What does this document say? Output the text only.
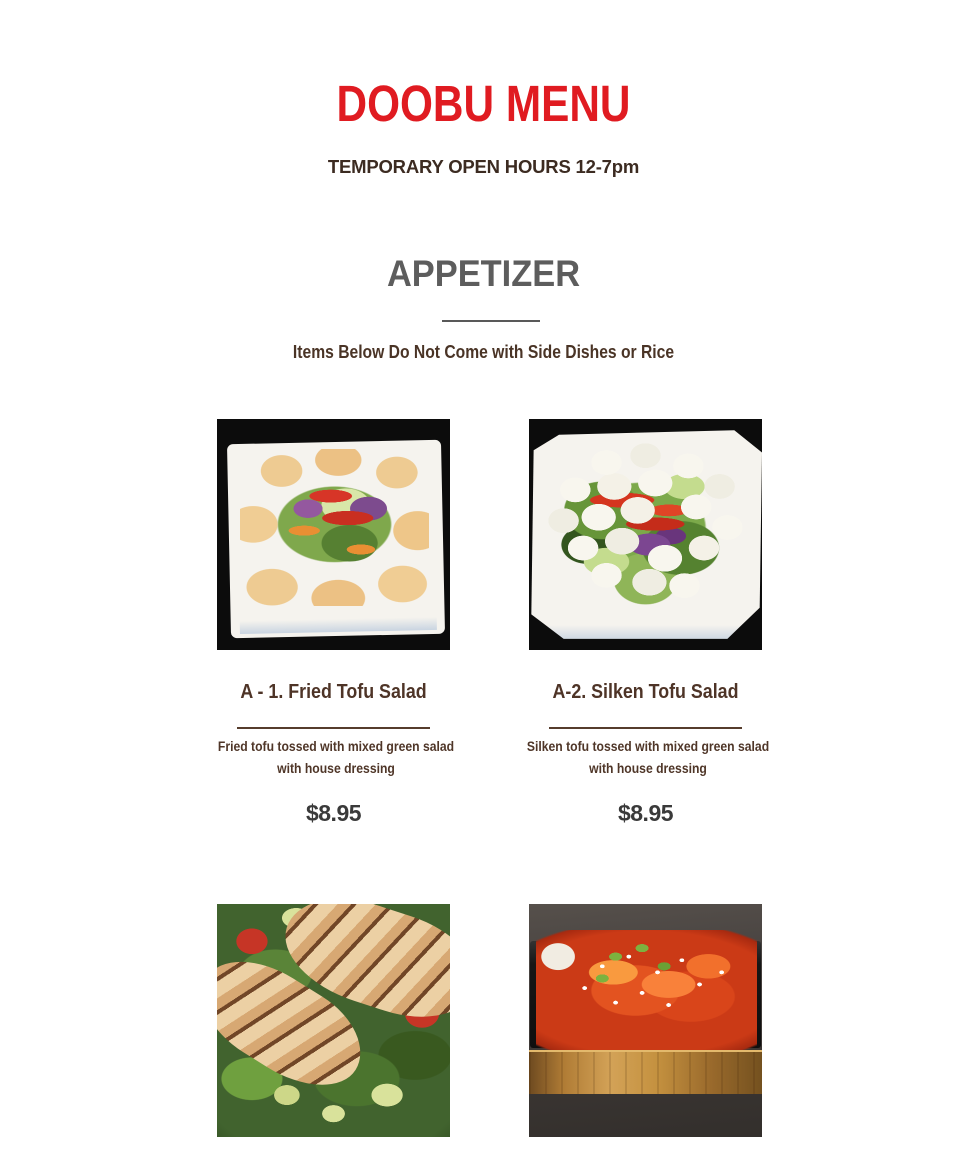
DOOBU MENU
TEMPORARY OPEN HOURS 12-7pm
APPETIZER
Items Below Do Not Come with Side Dishes or Rice
A - 1. Fried Tofu Salad
Fried tofu tossed with mixed green salad with house dressing
$8.95
A-2. Silken Tofu Salad
Silken tofu tossed with mixed green salad with house dressing
$8.95
